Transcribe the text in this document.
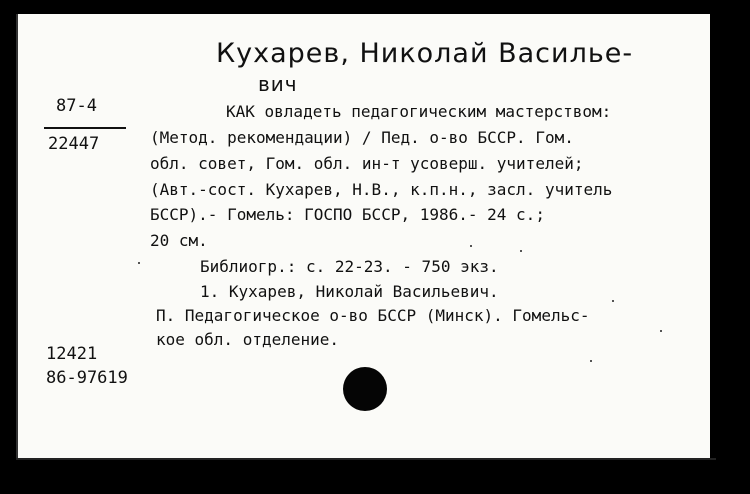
Кухарев, Николай Васильe-
вич
87-4
22447
КАК овладеть педагогическим мастерством:
(Метод. рекомендации) / Пед. о-во БССР. Гом.
обл. совет, Гом. обл. ин-т усоверш. учителей;
(Авт.-сост. Кухарев, Н.В., к.п.н., засл. учитель
БССР).- Гомель: ГОСПО БССР, 1986.- 24 с.;
20 см.
Библиогр.: с. 22-23. - 750 экз.
1. Кухарев, Николай Васильевич.
П. Педагогическое о-во БССР (Минск). Гомельс-
кое обл. отделение.
12421
86-97619
